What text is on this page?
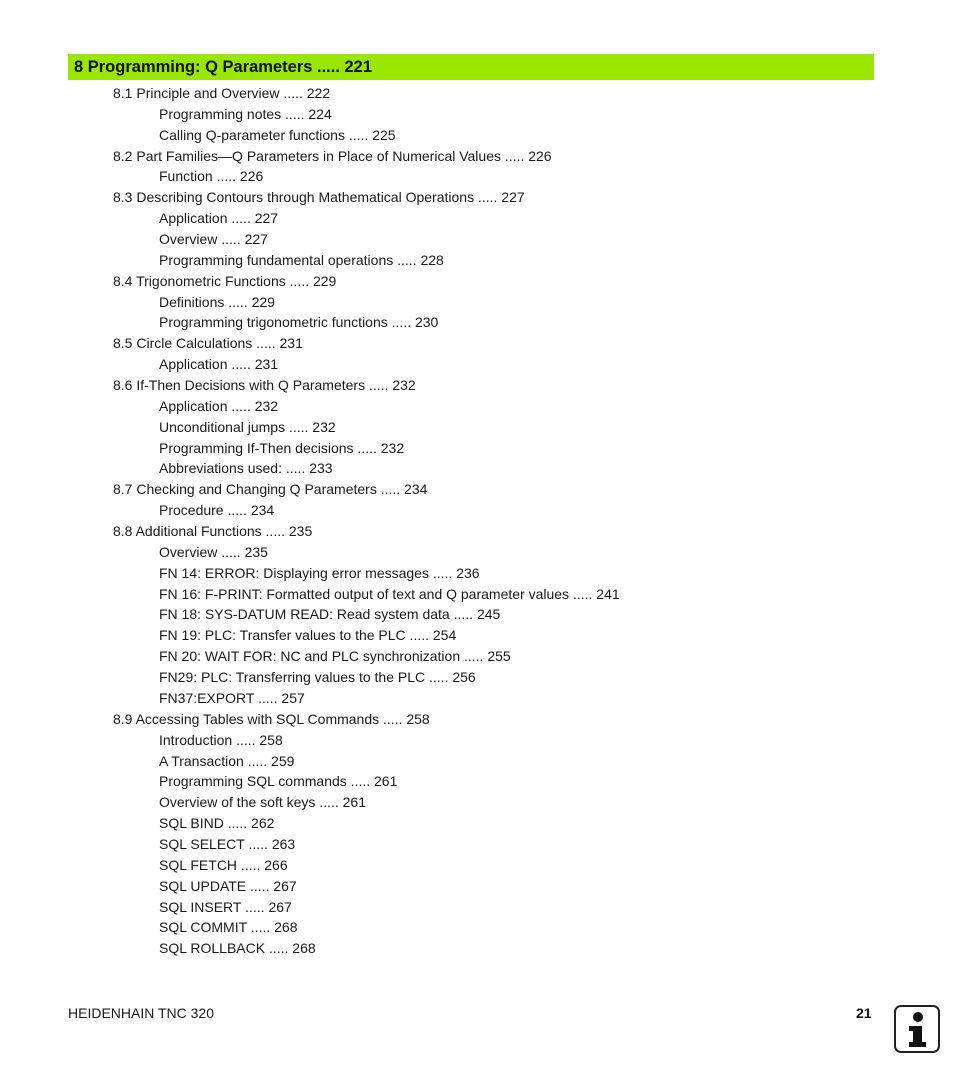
8 Programming: Q Parameters ..... 221
8.1 Principle and Overview ..... 222
Programming notes ..... 224
Calling Q-parameter functions ..... 225
8.2 Part Families—Q Parameters in Place of Numerical Values ..... 226
Function ..... 226
8.3 Describing Contours through Mathematical Operations ..... 227
Application ..... 227
Overview ..... 227
Programming fundamental operations ..... 228
8.4 Trigonometric Functions ..... 229
Definitions ..... 229
Programming trigonometric functions ..... 230
8.5 Circle Calculations ..... 231
Application ..... 231
8.6 If-Then Decisions with Q Parameters ..... 232
Application ..... 232
Unconditional jumps ..... 232
Programming If-Then decisions ..... 232
Abbreviations used: ..... 233
8.7 Checking and Changing Q Parameters ..... 234
Procedure ..... 234
8.8 Additional Functions ..... 235
Overview ..... 235
FN 14: ERROR: Displaying error messages ..... 236
FN 16: F-PRINT: Formatted output of text and Q parameter values ..... 241
FN 18: SYS-DATUM READ: Read system data ..... 245
FN 19: PLC: Transfer values to the PLC ..... 254
FN 20: WAIT FOR: NC and PLC synchronization ..... 255
FN29: PLC: Transferring values to the PLC ..... 256
FN37:EXPORT ..... 257
8.9 Accessing Tables with SQL Commands ..... 258
Introduction ..... 258
A Transaction ..... 259
Programming SQL commands ..... 261
Overview of the soft keys ..... 261
SQL BIND ..... 262
SQL SELECT ..... 263
SQL FETCH ..... 266
SQL UPDATE ..... 267
SQL INSERT ..... 267
SQL COMMIT ..... 268
SQL ROLLBACK ..... 268
HEIDENHAIN TNC 320	21
